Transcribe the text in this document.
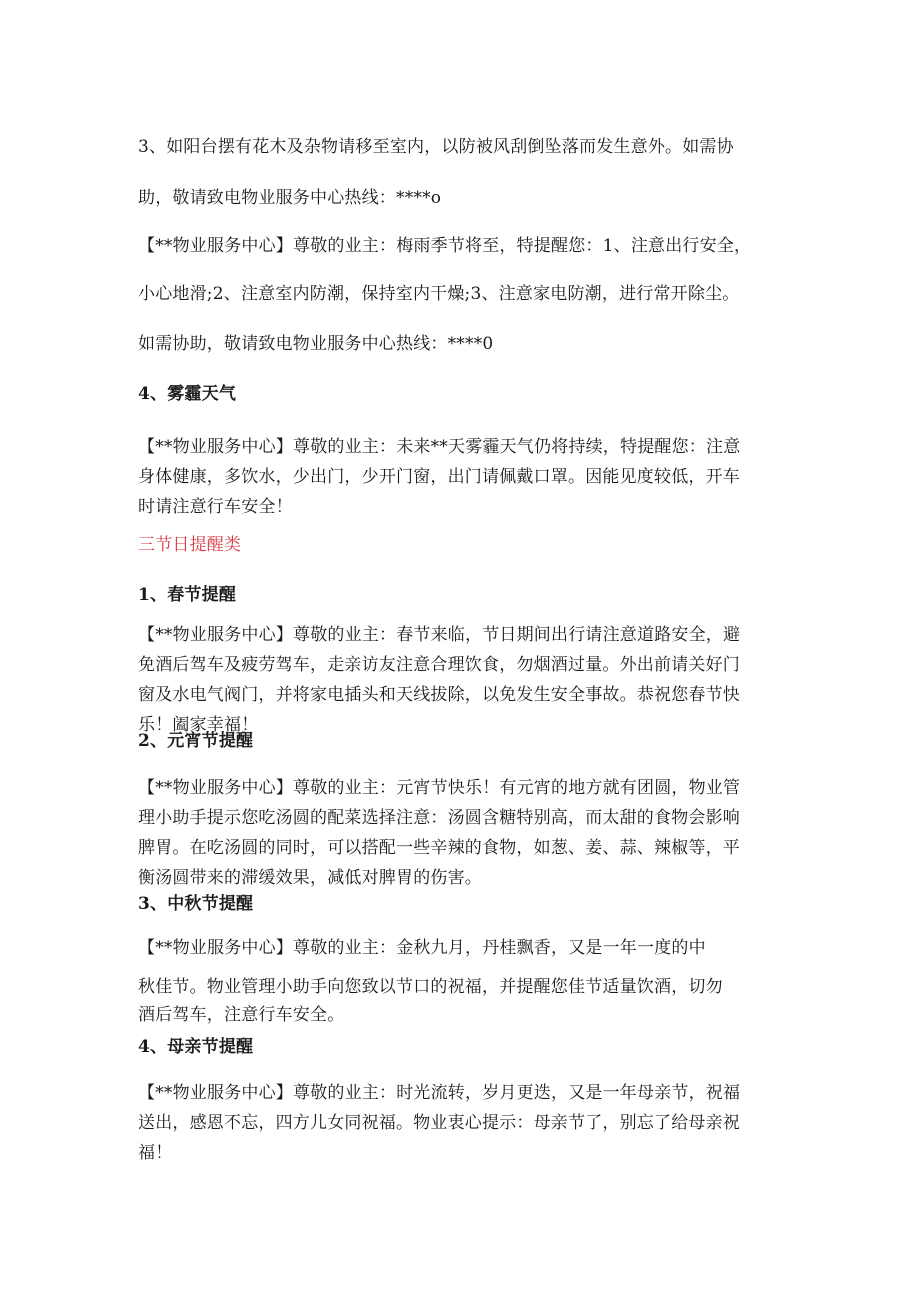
3、如阳台摆有花木及杂物请移至室内，以防被风刮倒坠落而发生意外。如需协
助，敬请致电物业服务中心热线：****o
【**物业服务中心】尊敬的业主：梅雨季节将至，特提醒您：1、注意出行安全，
小心地滑;2、注意室内防潮，保持室内干燥;3、注意家电防潮，进行常开除尘。
如需协助，敬请致电物业服务中心热线：****0
4、雾霾天气
【**物业服务中心】尊敬的业主：未来**天雾霾天气仍将持续，特提醒您：注意
身体健康，多饮水，少出门，少开门窗，出门请佩戴口罩。因能见度较低，开车
时请注意行车安全！
三节日提醒类
1、春节提醒
【**物业服务中心】尊敬的业主：春节来临，节日期间出行请注意道路安全，避
免酒后驾车及疲劳驾车，走亲访友注意合理饮食，勿烟酒过量。外出前请关好门
窗及水电气阀门，并将家电插头和天线拔除，以免发生安全事故。恭祝您春节快
乐！阖家幸福！
2、元宵节提醒
【**物业服务中心】尊敬的业主：元宵节快乐！有元宵的地方就有团圆，物业管
理小助手提示您吃汤圆的配菜选择注意：汤圆含糖特别高，而太甜的食物会影响
脾胃。在吃汤圆的同时，可以搭配一些辛辣的食物，如葱、姜、蒜、辣椒等，平
衡汤圆带来的滞缓效果，减低对脾胃的伤害。
3、中秋节提醒
【**物业服务中心】尊敬的业主：金秋九月，丹桂飘香，又是一年一度的中
秋佳节。物业管理小助手向您致以节口的祝福，并提醒您佳节适量饮酒，切勿
酒后驾车，注意行车安全。
4、母亲节提醒
【**物业服务中心】尊敬的业主：时光流转，岁月更迭，又是一年母亲节，祝福
送出，感恩不忘，四方儿女同祝福。物业衷心提示：母亲节了，别忘了给母亲祝
福！
